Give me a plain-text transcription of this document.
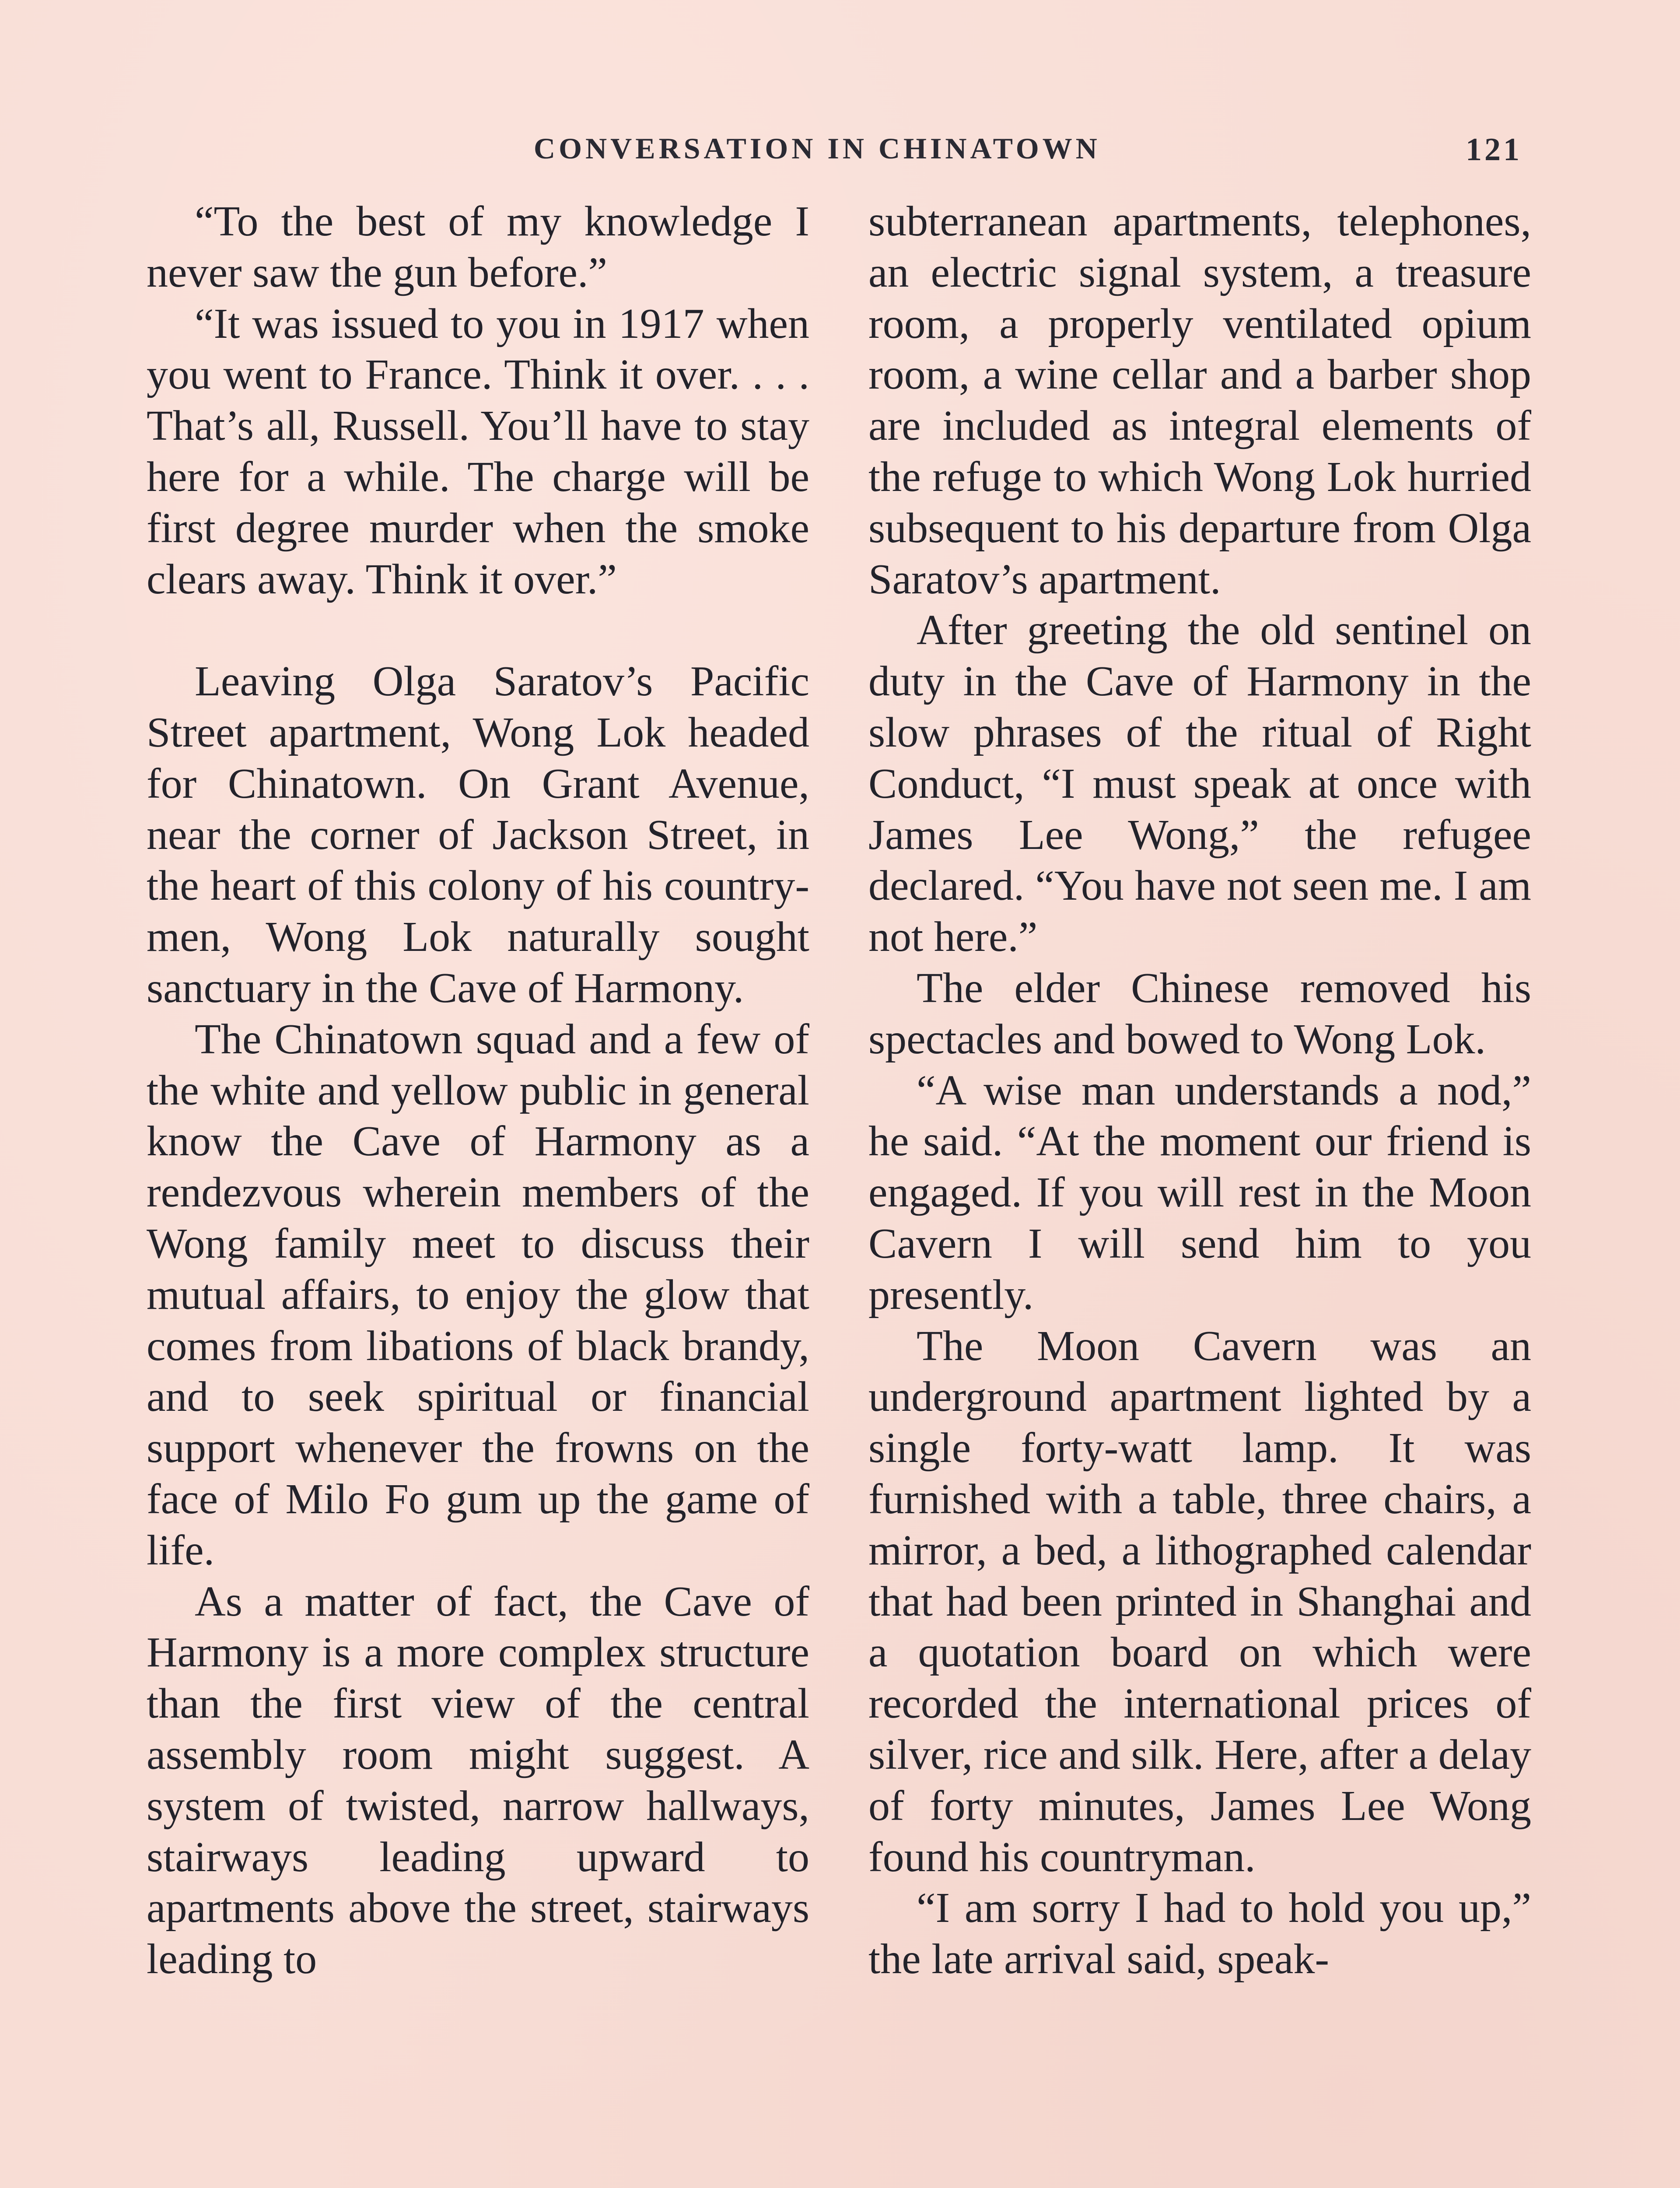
CONVERSATION IN CHINATOWN	121

“To the best of my knowledge I never saw the gun before.”

“It was issued to you in 1917 when you went to France. Think it over. . . . That’s all, Russell. You’ll have to stay here for a while. The charge will be first degree murder when the smoke clears away. Think it over.”

Leaving Olga Saratov’s Pacific Street apartment, Wong Lok headed for Chinatown. On Grant Avenue, near the corner of Jackson Street, in the heart of this colony of his countrymen, Wong Lok naturally sought sanctuary in the Cave of Harmony.

The Chinatown squad and a few of the white and yellow public in general know the Cave of Harmony as a rendezvous wherein members of the Wong family meet to discuss their mutual affairs, to enjoy the glow that comes from libations of black brandy, and to seek spiritual or financial support whenever the frowns on the face of Milo Fo gum up the game of life.

As a matter of fact, the Cave of Harmony is a more complex structure than the first view of the central assembly room might suggest. A system of twisted, narrow hallways, stairways leading upward to apartments above the street, stairways leading to

subterranean apartments, telephones, an electric signal system, a treasure room, a properly ventilated opium room, a wine cellar and a barber shop are included as integral elements of the refuge to which Wong Lok hurried subsequent to his departure from Olga Saratov’s apartment.

After greeting the old sentinel on duty in the Cave of Harmony in the slow phrases of the ritual of Right Conduct, “I must speak at once with James Lee Wong,” the refugee declared. “You have not seen me. I am not here.”

The elder Chinese removed his spectacles and bowed to Wong Lok.

“A wise man understands a nod,” he said. “At the moment our friend is engaged. If you will rest in the Moon Cavern I will send him to you presently.

The Moon Cavern was an underground apartment lighted by a single forty-watt lamp. It was furnished with a table, three chairs, a mirror, a bed, a lithographed calendar that had been printed in Shanghai and a quotation board on which were recorded the international prices of silver, rice and silk. Here, after a delay of forty minutes, James Lee Wong found his countryman.

“I am sorry I had to hold you up,” the late arrival said, speak-
